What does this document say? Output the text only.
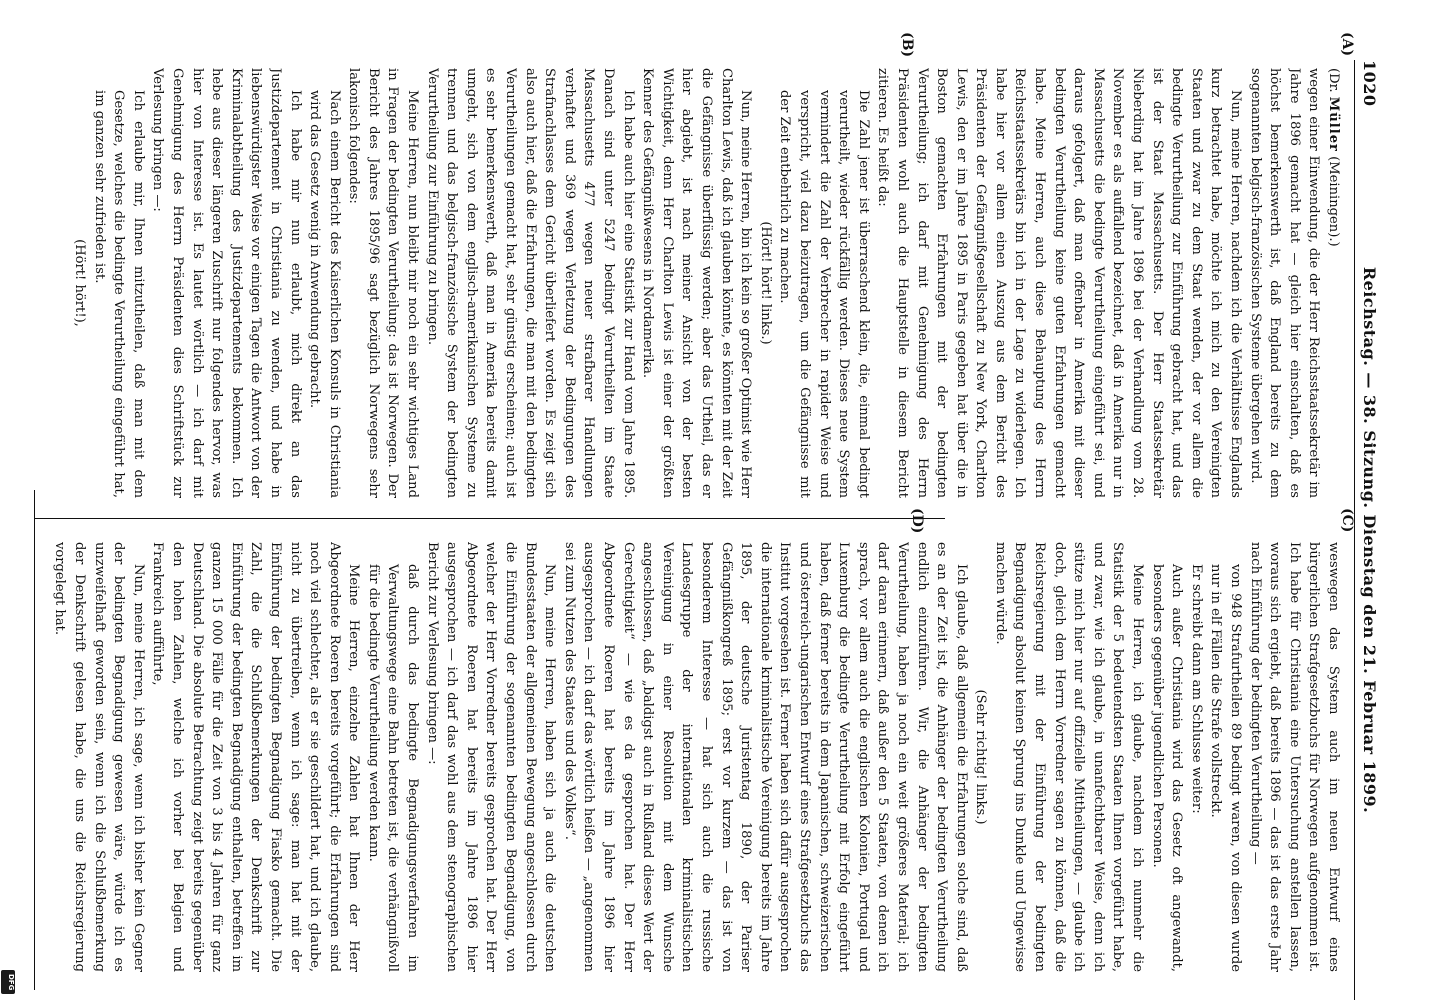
DFG
1020
Reichstag. — 38. Sitzung. Dienstag den 21. Februar 1899.

(Dr. Müller (Meiningen).)

wegen einer Einwendung, die der Herr Reichsstaatssekretär im Jahre 1896 gemacht hat — gleich hier einschalten, daß es höchst bemerkenswerth ist, daß England bereits zu dem sogenannten belgisch-französischen Systeme übergehen wird.

Nun, meine Herren, nachdem ich die Verhältnisse Englands kurz betrachtet habe, möchte ich mich zu den Vereinigten Staaten und zwar zu dem Staat wenden, der vor allem die bedingte Verurtheilung zur Einführung gebracht hat, und das ist der Staat Massachusetts. Der Herr Staatssekretär Nieberding hat im Jahre 1896 bei der Verhandlung vom 28. November es als auffallend bezeichnet, daß in Amerika nur in Massachusetts die bedingte Verurtheilung eingeführt sei, und daraus gefolgert, daß man offenbar in Amerika mit dieser bedingten Verurtheilung keine guten Erfahrungen gemacht habe. Meine Herren, auch diese Behauptung des Herrn Reichsstaatssekretärs bin ich in der Lage zu widerlegen. Ich habe hier vor allem einen Auszug aus dem Bericht des Präsidenten der Gefängnißgesellschaft zu New York, Charlton Lewis, den er im Jahre 1895 in Paris gegeben hat über die in Boston gemachten Erfahrungen mit der bedingten Verurtheilung; ich darf mit Genehmigung des Herrn Präsidenten wohl auch die Hauptstelle in diesem Bericht zitieren. Es heißt da:

Die Zahl jener ist überraschend klein, die, einmal bedingt verurtheilt, wieder rückfällig werden. Dieses neue System vermindert die Zahl der Verbrecher in rapider Weise und verspricht, viel dazu beizutragen, um die Gefängnisse mit der Zeit entbehrlich zu machen.

(Hört! hört! links.)

Nun, meine Herren, bin ich kein so großer Optimist wie Herr Charlton Lewis, daß ich glauben könnte, es könnten mit der Zeit die Gefängnisse überflüssig werden; aber das Urtheil, das er hier abgiebt, ist nach meiner Ansicht von der besten Wichtigkeit, denn Herr Charlton Lewis ist einer der größten Kenner des Gefängnißwesens in Nordamerika.

Ich habe auch hier eine Statistik zur Hand vom Jahre 1895. Danach sind unter 5247 bedingt Verurtheilten im Staate Massachusetts 477 wegen neuer strafbarer Handlungen verhaftet und 369 wegen Verletzung der Bedingungen des Strafnachlasses dem Gericht überliefert worden. Es zeigt sich also auch hier, daß die Erfahrungen, die man mit den bedingten Verurtheilungen gemacht hat, sehr günstig erscheinen; auch ist es sehr bemerkenswerth, daß man in Amerika bereits damit umgeht, sich von dem englisch-amerikanischen Systeme zu trennen und das belgisch-französische System der bedingten Verurtheilung zur Einführung zu bringen.

Meine Herren, nun bleibt mir noch ein sehr wichtiges Land in Fragen der bedingten Verurtheilung: das ist Norwegen. Der Bericht des Jahres 1895/96 sagt bezüglich Norwegens sehr lakonisch folgendes:

Nach einem Bericht des Kaiserlichen Konsuls in Christiania wird das Gesetz wenig in Anwendung gebracht.

Ich habe mir nun erlaubt, mich direkt an das Justizdepartement in Christiania zu wenden, und habe in liebenswürdigster Weise vor einigen Tagen die Antwort von der Kriminalabtheilung des Justizdepartements bekommen. Ich hebe aus dieser längeren Zuschrift nur folgendes hervor, was hier von Interesse ist. Es lautet wörtlich — ich darf mit Genehmigung des Herrn Präsidenten dies Schriftstück zur Verlesung bringen —:

Ich erlaube mir, Ihnen mitzutheilen, daß man mit dem Gesetze, welches die bedingte Verurtheilung eingeführt hat, im ganzen sehr zufrieden ist.

(Hört! hört!),

weswegen das System auch im neuen Entwurf eines bürgerlichen Strafgesetzbuchs für Norwegen aufgenommen ist. Ich habe für Christiania eine Untersuchung anstellen lassen, woraus sich ergiebt, daß bereits 1896 — das ist das erste Jahr nach Einführung der bedingten Verurtheilung —

von 948 Strafurtheilen 89 bedingt waren, von diesen wurde nur in elf Fällen die Strafe vollstreckt.

Er schreibt dann am Schlusse weiter:

Auch außer Christiania wird das Gesetz oft angewandt, besonders gegenüber jugendlichen Personen.

Meine Herren, ich glaube, nachdem ich nunmehr die Statistik der 5 bedeutendsten Staaten Ihnen vorgeführt habe, und zwar, wie ich glaube, in unanfechtbarer Weise, denn ich stütze mich hier nur auf offizielle Mittheilungen, — glaube ich doch, gleich dem Herrn Vorredner sagen zu können, daß die Reichsregierung mit der Einführung der bedingten Begnadigung absolut keinen Sprung ins Dunkle und Ungewisse machen würde.

(Sehr richtig! links.)

Ich glaube, daß allgemein die Erfahrungen solche sind, daß es an der Zeit ist, die Anhänger der bedingten Verurtheilung endlich einzuführen. Wir, die Anhänger der bedingten Verurtheilung, haben ja noch ein weit größeres Material; ich darf daran erinnern, daß außer den 5 Staaten, von denen ich sprach, vor allem auch die englischen Kolonien, Portugal und Luxemburg die bedingte Verurtheilung mit Erfolg eingeführt haben, daß ferner bereits in dem Japanischen, schweizerischen und österreich-ungarischen Entwurf eines Strafgesetzbuchs das Institut vorgesehen ist. Ferner haben sich dafür ausgesprochen die internationale kriminalistische Vereinigung bereits im Jahre 1895, der deutsche Juristentag 1890, der Pariser Gefängnißkongreß 1895; erst vor kurzem — das ist von besonderem Interesse — hat sich auch die russische Landesgruppe der internationalen kriminalistischen Vereinigung in einer Resolution mit dem Wunsche angeschlossen, daß „baldigst auch in Rußland dieses Wert der Gerechtigkeit“ — wie es da gesprochen hat. Der Herr Abgeordnete Roeren hat bereits im Jahre 1896 hier ausgesprochen — ich darf das wörtlich heißen — „angenommen sei zum Nutzen des Staates und des Volkes“.

Nun, meine Herren, haben sich ja auch die deutschen Bundesstaaten der allgemeinen Bewegung angeschlossen durch die Einführung der sogenannten bedingten Begnadigung, von welcher der Herr Vorredner bereits gesprochen hat. Der Herr Abgeordnete Roeren hat bereits im Jahre 1896 hier ausgesprochen — ich darf das wohl aus dem stenographischen Bericht zur Verlesung bringen —:

daß durch das bedingte Begnadigungsverfahren im Verwaltungswege eine Bahn betreten ist, die verhängnißvoll für die bedingte Verurtheilung werden kann.

Meine Herren, einzelne Zahlen hat Ihnen der Herr Abgeordnete Roeren bereits vorgeführt; die Erfahrungen sind noch viel schlechter, als er sie geschildert hat, und ich glaube, nicht zu übertreiben, wenn ich sage: man hat mit der Einführung der bedingten Begnadigung Fiasko gemacht. Die Zahl, die die Schlußbemerkungen der Denkschrift zur Einführung der bedingten Begnadigung enthalten, betreffen im ganzen 15 000 Fälle für die Zeit von 3 bis 4 Jahren für ganz Deutschland. Die absolute Betrachtung zeigt bereits gegenüber den hohen Zahlen, welche ich vorher bei Belgien und Frankreich aufführte,

Nun, meine Herren, ich sage, wenn ich bisher kein Gegner der bedingten Begnadigung gewesen wäre, würde ich es unzweifelhaft geworden sein, wenn ich die Schlußbemerkung der Denkschrift gelesen habe, die uns die Reichsregierung vorgelegt hat.

(A)
(B)
(C)
(D)
